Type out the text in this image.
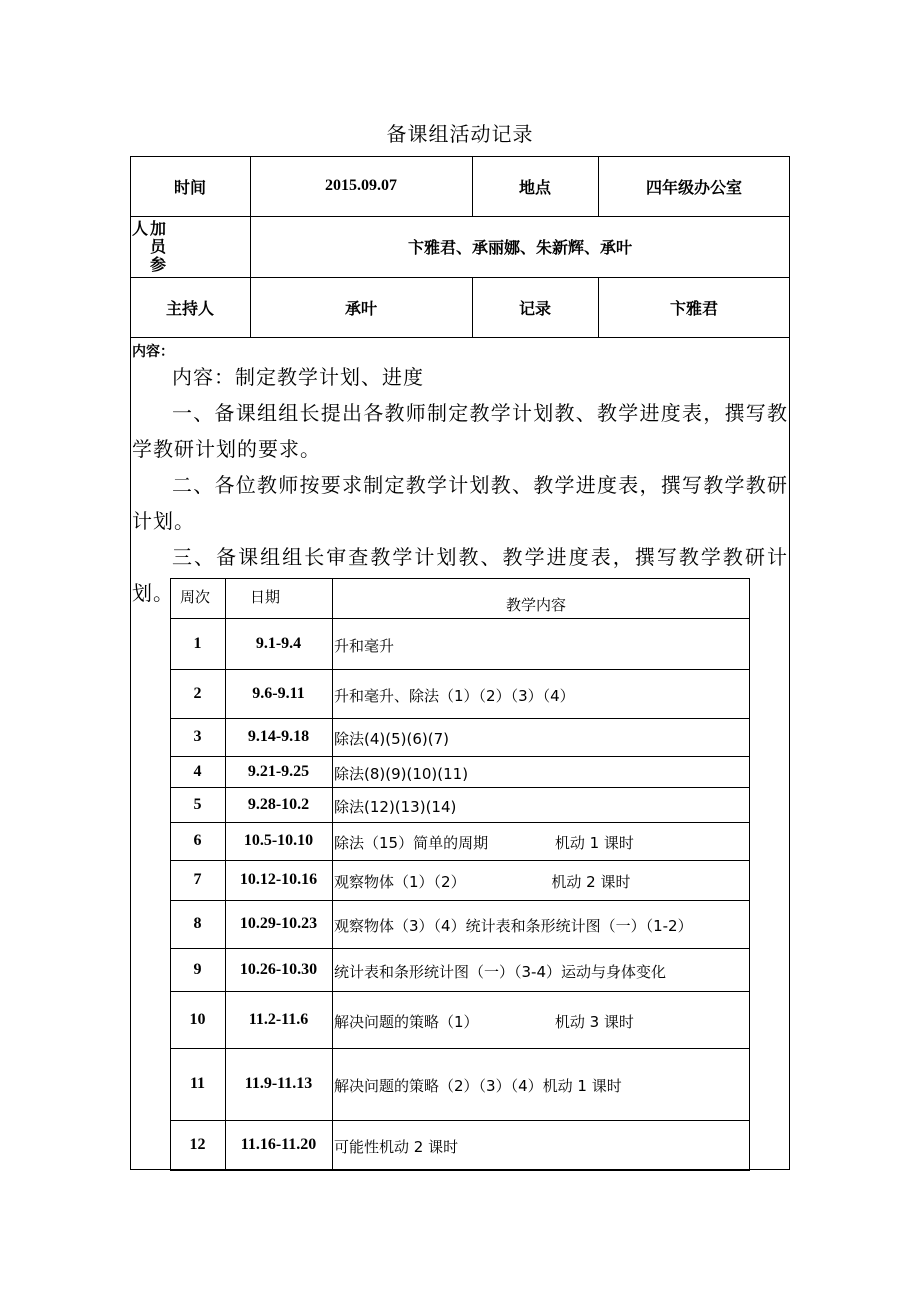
备课组活动记录
时间	2015.09.07	地点	四年级办公室
人 加
员
参
卞雅君、承丽娜、朱新辉、承叶
主持人	承叶	记录	卞雅君
内容：

内容：制定教学计划、进度

一、备课组组长提出各教师制定教学计划教、教学进度表，撰写教学教研计划的要求。

二、各位教师按要求制定教学计划教、教学进度表，撰写教学教研计划。

三、备课组组长审查教学计划教、教学进度表，撰写教学教研计划。 周次	日期	教学内容
1	9.1-9.4	升和毫升
2	9.6-9.11	升和毫升、除法（1）（2）（3）（4）
3	9.14-9.18	除法(4)(5)(6)(7)
4	9.21-9.25	除法(8)(9)(10)(11)
5	9.28-10.2	除法(12)(13)(14)
6	10.5-10.10	除法（15）简单的周期              机动 1 课时
7	10.12-10.16	观察物体（1）（2）                  机动 2 课时
8	10.29-10.23	观察物体（3）（4）统计表和条形统计图（一）（1-2）
9	10.26-10.30	统计表和条形统计图（一）（3-4）运动与身体变化
10	11.2-11.6	解决问题的策略（1）                机动 3 课时
11	11.9-11.13	解决问题的策略（2）（3）（4）机动 1 课时
12	11.16-11.20	可能性机动 2 课时
